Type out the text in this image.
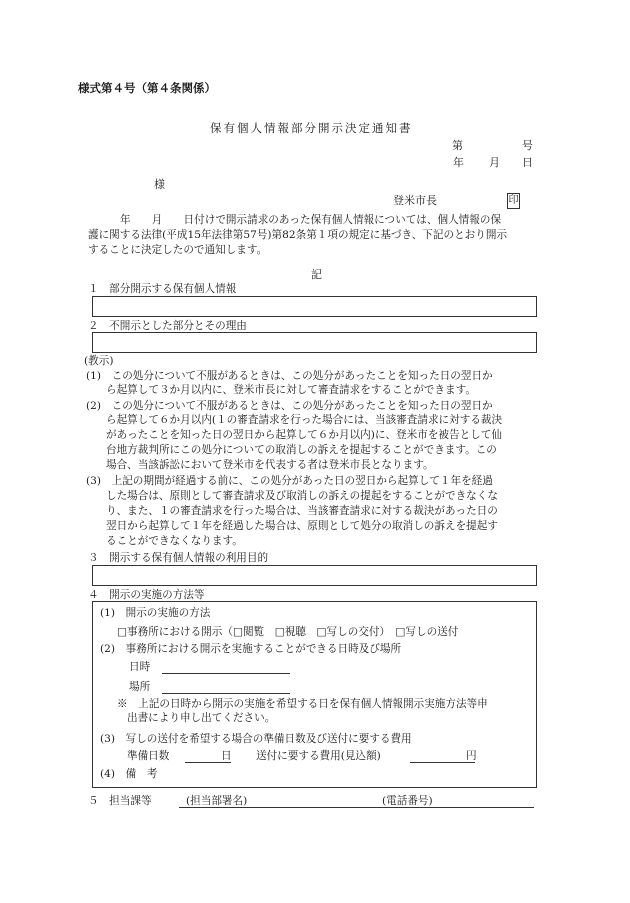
様式第４号（第４条関係）
保有個人情報部分開示決定通知書
第	号
年 月 日
様
登米市長	印
年　　月　　日付けで開示請求のあった保有個人情報については、個人情報の保
護に関する法律(平成15年法律第57号)第82条第１項の規定に基づき、下記のとおり開示
することに決定したので通知します。
記
１　部分開示する保有個人情報
２　不開示とした部分とその理由
(教示)
(1)　この処分について不服があるときは、この処分があったことを知った日の翌日か
ら起算して３か月以内に、登米市長に対して審査請求をすることができます。
(2)　この処分について不服があるときは、この処分があったことを知った日の翌日か
ら起算して６か月以内(１の審査請求を行った場合には、当該審査請求に対する裁決
があったことを知った日の翌日から起算して６か月以内)に、登米市を被告として仙
台地方裁判所にこの処分についての取消しの訴えを提起することができます。この
場合、当該訴訟において登米市を代表する者は登米市長となります。
(3)　上記の期間が経過する前に、この処分があった日の翌日から起算して１年を経過
した場合は、原則として審査請求及び取消しの訴えの提起をすることができなくな
り、また、１の審査請求を行った場合は、当該審査請求に対する裁決があった日の
翌日から起算して１年を経過した場合は、原則として処分の取消しの訴えを提起す
ることができなくなります。
３　開示する保有個人情報の利用目的
４　開示の実施の方法等
(1)　開示の実施の方法
□事務所における開示（□閲覧　□視聴　□写しの交付）　□写しの送付
(2)　事務所における開示を実施することができる日時及び場所
日時
場所
※　上記の日時から開示の実施を希望する日を保有個人情報開示実施方法等申
出書により申し出てください。
(3)　写しの送付を希望する場合の準備日数及び送付に要する費用
準備日数	日 送付に要する費用(見込額)	円
(4)　備　考
５　担当課等	(担当部署名)	(電話番号)
